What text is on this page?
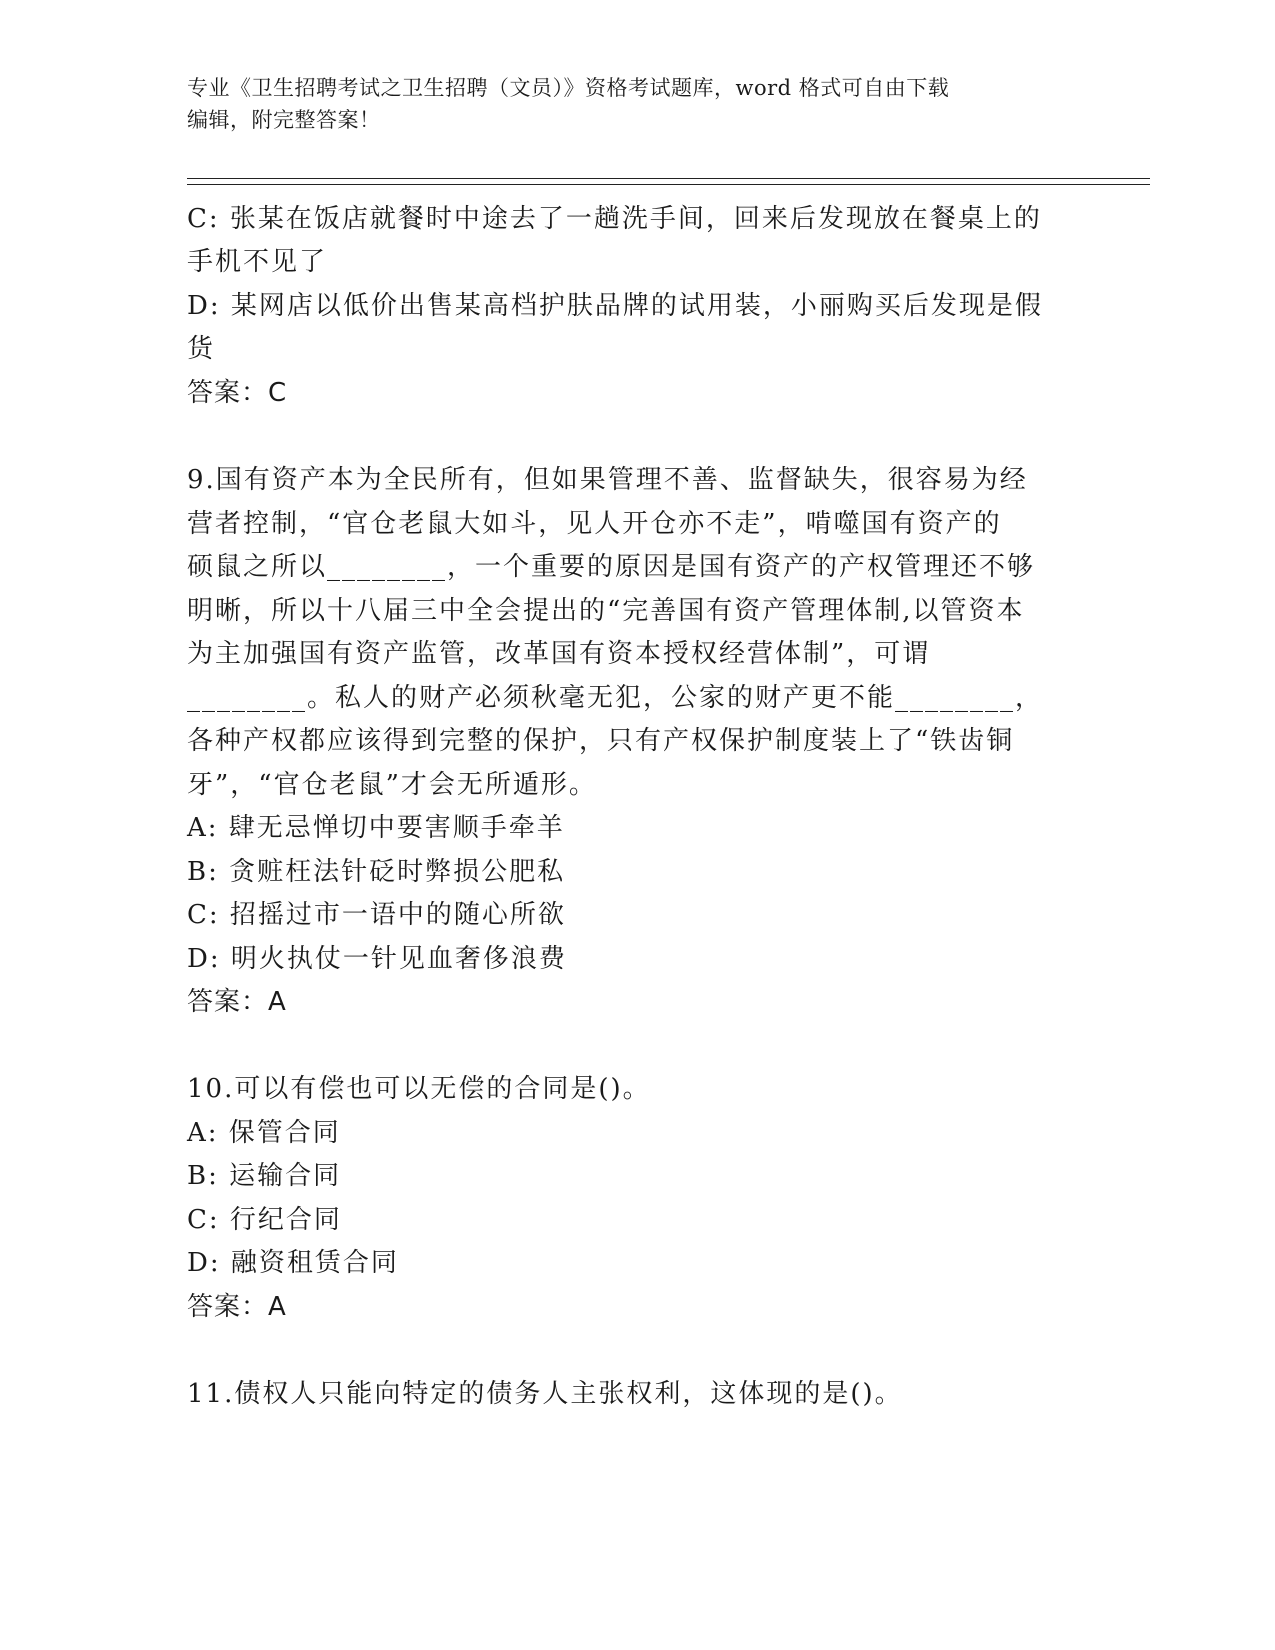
专业《卫生招聘考试之卫生招聘（文员）》资格考试题库，word 格式可自由下载
编辑，附完整答案！
C: 张某在饭店就餐时中途去了一趟洗手间，回来后发现放在餐桌上的
手机不见了
D: 某网店以低价出售某高档护肤品牌的试用装，小丽购买后发现是假
货
答案：C
9.国有资产本为全民所有，但如果管理不善、监督缺失，很容易为经
营者控制，“官仓老鼠大如斗，见人开仓亦不走”，啃噬国有资产的
硕鼠之所以________，一个重要的原因是国有资产的产权管理还不够
明晰，所以十八届三中全会提出的“完善国有资产管理体制,以管资本
为主加强国有资产监管，改革国有资本授权经营体制”，可谓
________。私人的财产必须秋毫无犯，公家的财产更不能________，
各种产权都应该得到完整的保护，只有产权保护制度装上了“铁齿铜
牙”，“官仓老鼠”才会无所遁形。
A: 肆无忌惮切中要害顺手牵羊
B: 贪赃枉法针砭时弊损公肥私
C: 招摇过市一语中的随心所欲
D: 明火执仗一针见血奢侈浪费
答案：A
10.可以有偿也可以无偿的合同是()。
A: 保管合同
B: 运输合同
C: 行纪合同
D: 融资租赁合同
答案：A
11.债权人只能向特定的债务人主张权利，这体现的是()。
